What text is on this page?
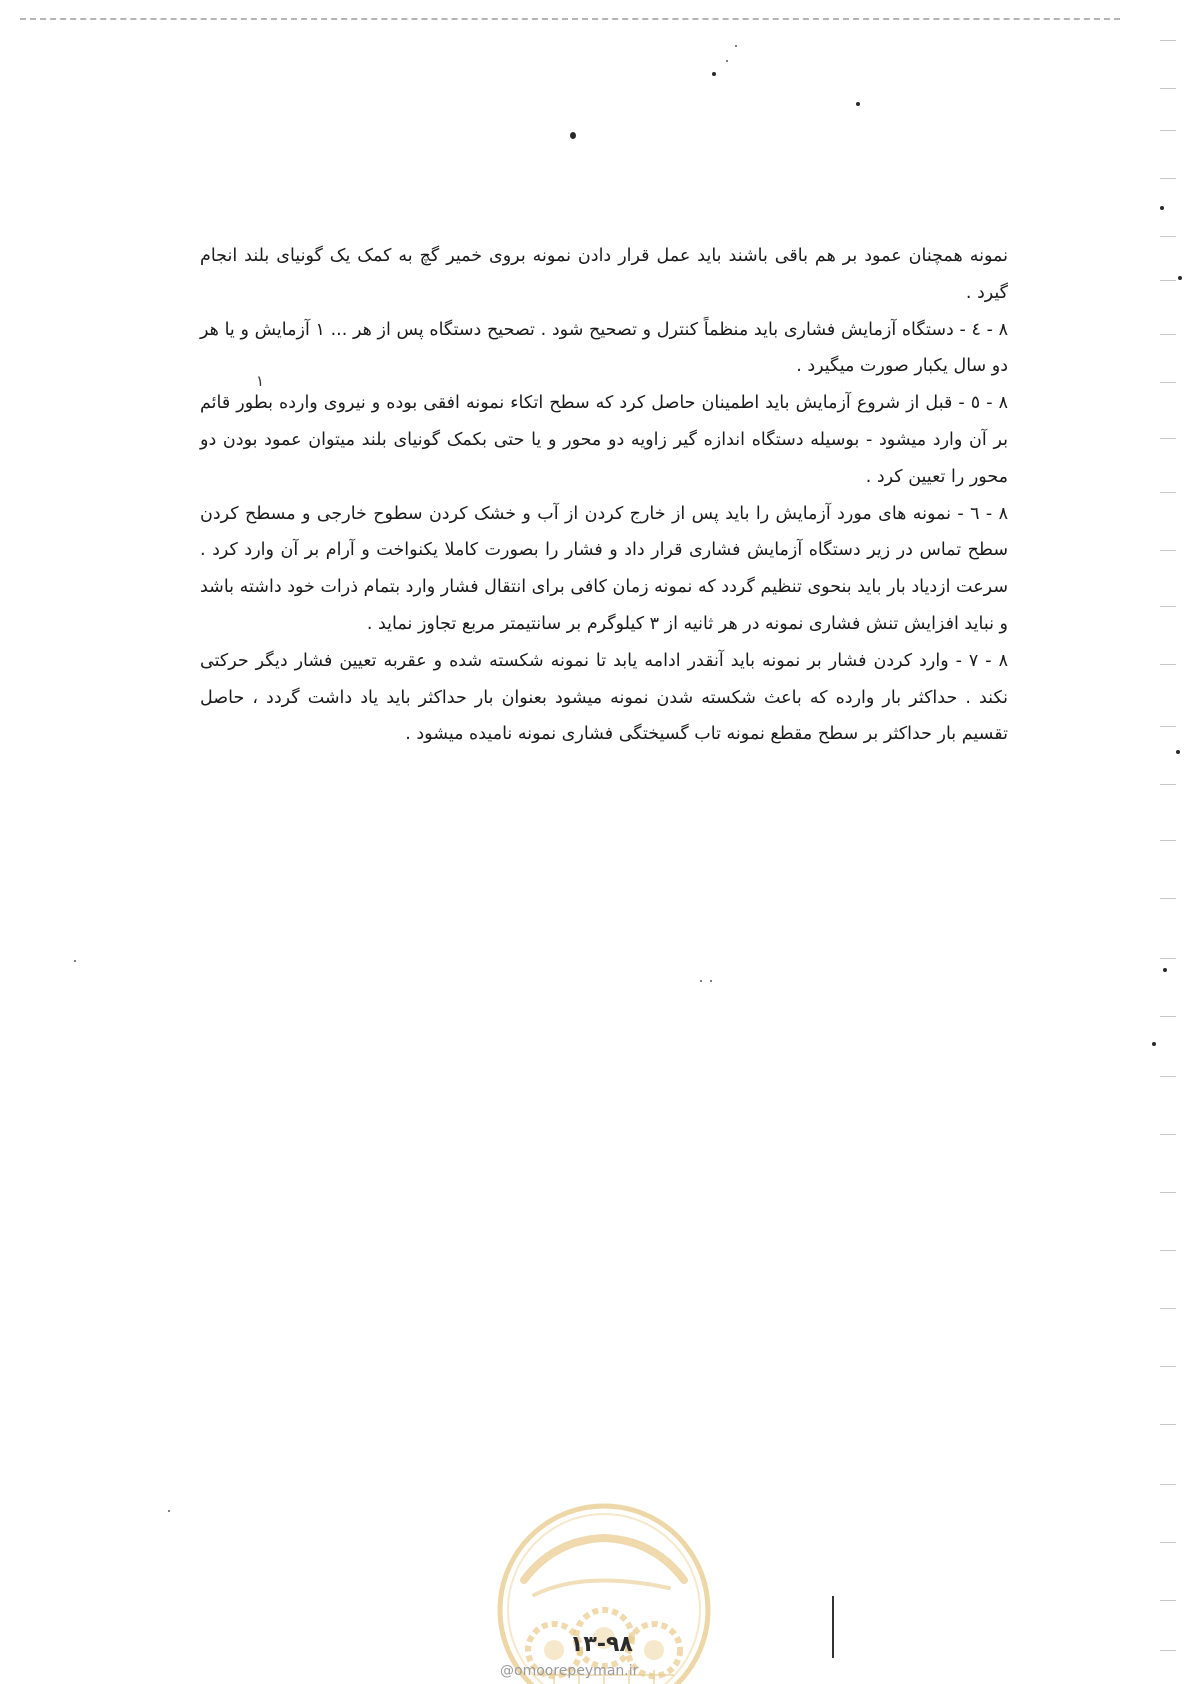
نمونه همچنان عمود بر هم باقی باشند باید عمل قرار دادن نمونه بروی خمیر گچ به کمک یک گونیای بلند انجام گیرد .

۸ - ٤ - دستگاه آزمایش فشاری باید منظماً کنترل و تصحیح شود . تصحیح دستگاه پس از هر ... ۱ آزمایش و یا هر دو سال یکبار صورت میگیرد .

۸ - ٥ - قبل از شروع آزمایش باید اطمینان حاصل کرد که سطح اتکاء نمونه افقی بوده و نیروی وارده بطور قائم بر آن وارد میشود - بوسیله دستگاه اندازه گیر زاویه دو محور و یا حتی بکمک گونیای بلند میتوان عمود بودن دو محور را تعیین کرد .

۸ - ٦ - نمونه های مورد آزمایش را باید پس از خارج کردن از آب و خشک کردن سطوح خارجی و مسطح کردن سطح تماس در زیر دستگاه آزمایش فشاری قرار داد و فشار را بصورت کاملا یکنواخت و آرام بر آن وارد کرد . سرعت ازدیاد بار باید بنحوی تنظیم گردد که نمونه زمان کافی برای انتقال فشار وارد بتمام ذرات خود داشته باشد و نباید افزایش تنش فشاری نمونه در هر ثانیه از ۳ کیلوگرم بر سانتیمتر مربع تجاوز نماید .

۸ - ۷ - وارد کردن فشار بر نمونه باید آنقدر ادامه یابد تا نمونه شکسته شده و عقربه تعیین فشار دیگر حرکتی نکند . حداکثر بار وارده که باعث شکسته شدن نمونه میشود بعنوان بار حداکثر باید یاد داشت گردد ، حاصل تقسیم بار حداکثر بر سطح مقطع نمونه تاب گسیختگی فشاری نمونه نامیده میشود .

۱
۱۳-۹۸
@omoorepeyman.ir
